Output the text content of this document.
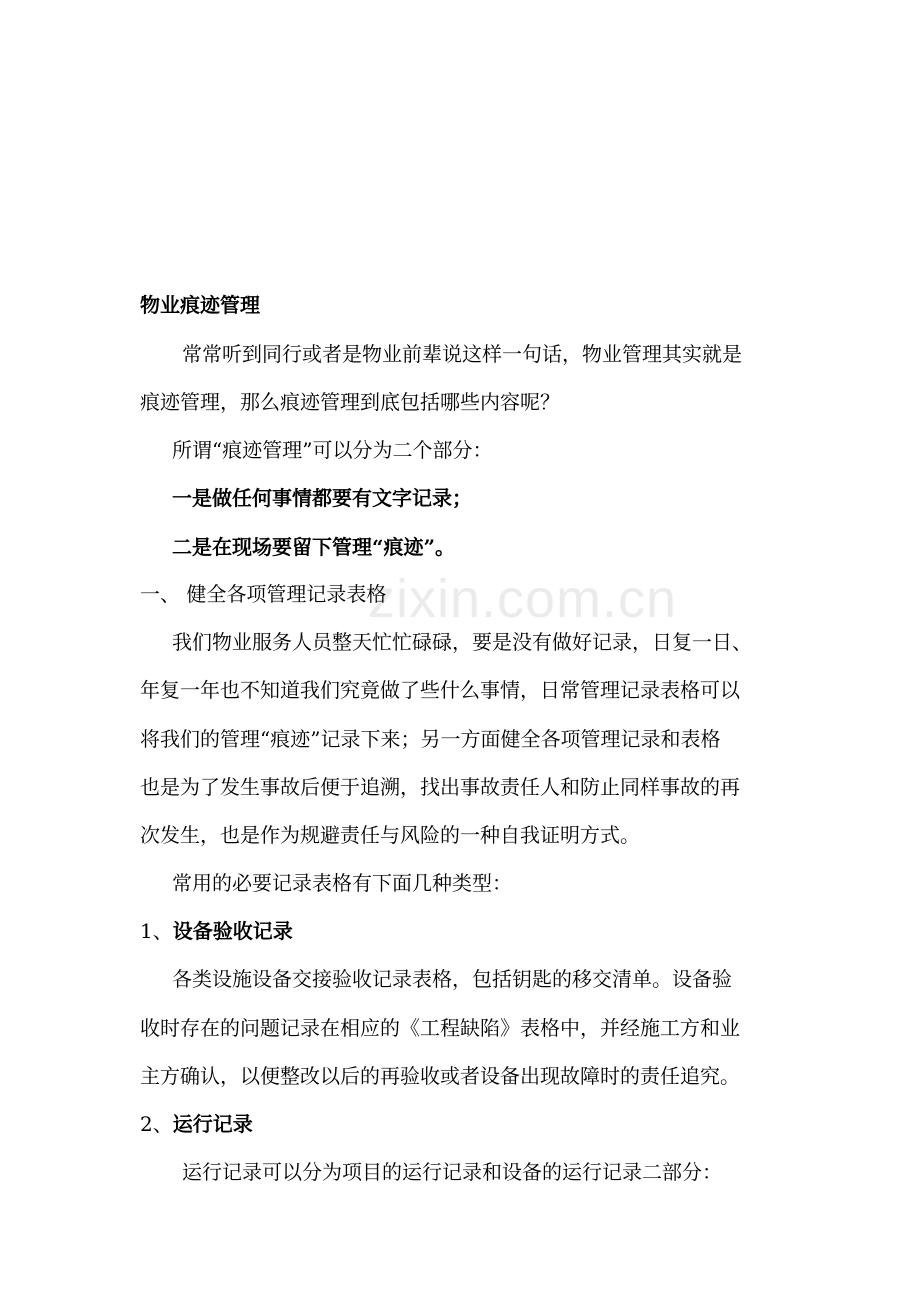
zixin.com.cn
物业痕迹管理
常常听到同行或者是物业前辈说这样一句话，物业管理其实就是
痕迹管理，那么痕迹管理到底包括哪些内容呢？
所谓“痕迹管理”可以分为二个部分：
一是做任何事情都要有文字记录；
二是在现场要留下管理“痕迹”。
一、 健全各项管理记录表格
我们物业服务人员整天忙忙碌碌，要是没有做好记录，日复一日、
年复一年也不知道我们究竟做了些什么事情，日常管理记录表格可以
将我们的管理“痕迹”记录下来；另一方面健全各项管理记录和表格
也是为了发生事故后便于追溯，找出事故责任人和防止同样事故的再
次发生，也是作为规避责任与风险的一种自我证明方式。
常用的必要记录表格有下面几种类型：
1、设备验收记录
各类设施设备交接验收记录表格，包括钥匙的移交清单。设备验
收时存在的问题记录在相应的《工程缺陷》表格中，并经施工方和业
主方确认，以便整改以后的再验收或者设备出现故障时的责任追究。
2、运行记录
运行记录可以分为项目的运行记录和设备的运行记录二部分：
